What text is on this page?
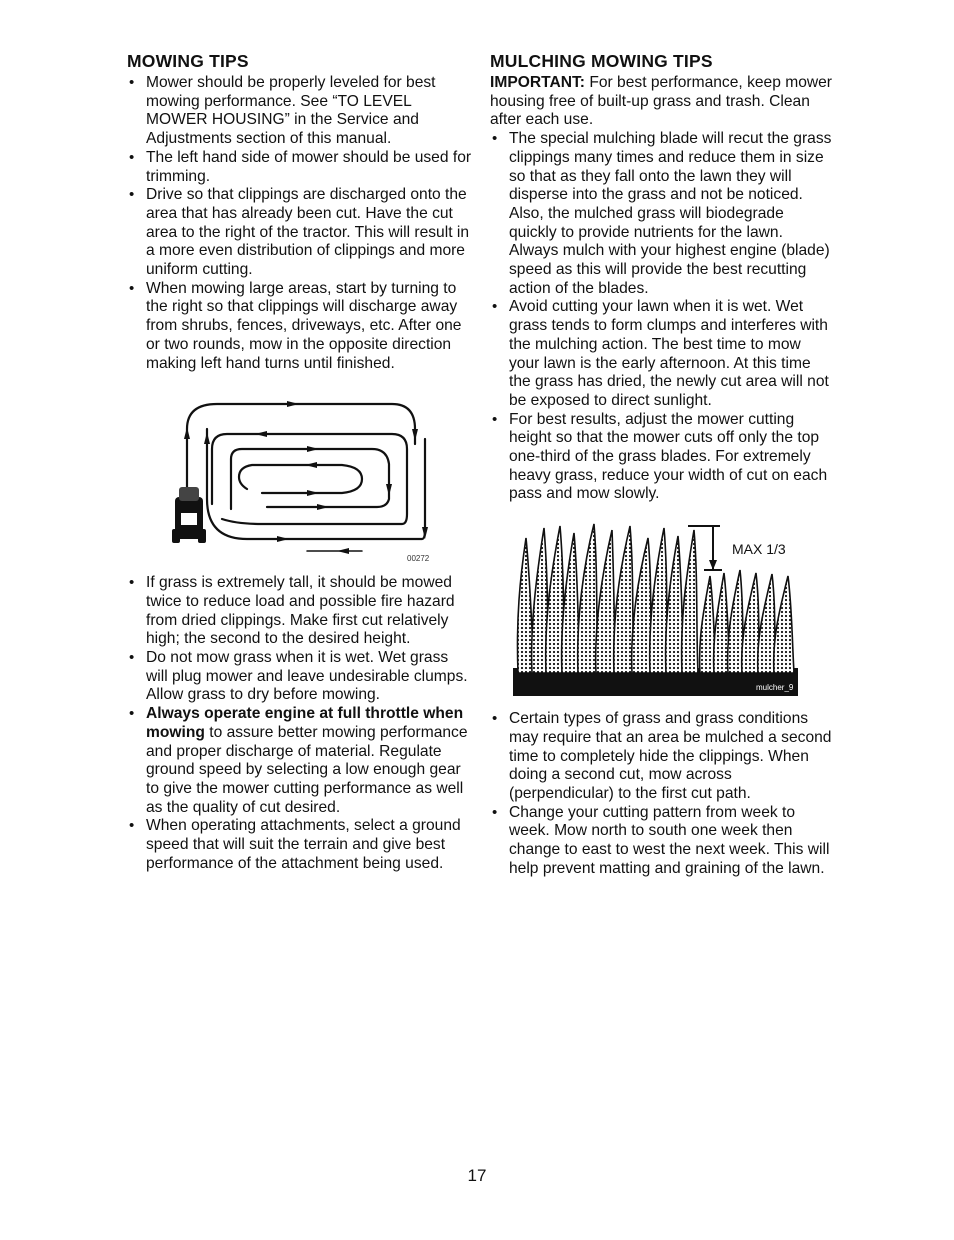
MOWING TIPS
• Mower should be properly leveled for best mowing performance. See “TO LEVEL MOWER HOUSING” in the Service and Adjustments section of this manual.
• The left hand side of mower should be used for trimming.
• Drive so that clippings are discharged onto the area that has already been cut. Have the cut area to the right of the tractor. This will result in a more even distribution of clippings and more uniform cutting.
• When mowing large areas, start by turning to the right so that clippings will discharge away from shrubs, fences, driveways, etc. After one or two rounds, mow in the opposite direction making left hand turns until finished.
00272
• If grass is extremely tall, it should be mowed twice to reduce load and possible fire hazard from dried clippings. Make first cut relatively high; the second to the desired height.
• Do not mow grass when it is wet. Wet grass will plug mower and leave undesirable clumps. Allow grass to dry before mowing.
• Always operate engine at full throttle when mowing to assure better mowing performance and proper discharge of material. Regulate ground speed by selecting a low enough gear to give the mower cutting performance as well as the quality of cut desired.
• When operating attachments, select a ground speed that will suit the terrain and give best performance of the attachment being used.
MULCHING MOWING TIPS

IMPORTANT: For best performance, keep mower housing free of built-up grass and trash. Clean after each use.

• The special mulching blade will recut the grass clippings many times and reduce them in size so that as they fall onto the lawn they will disperse into the grass and not be noticed. Also, the mulched grass will biodegrade quickly to provide nutrients for the lawn. Always mulch with your highest engine (blade) speed as this will provide the best recutting action of the blades.
• Avoid cutting your lawn when it is wet. Wet grass tends to form clumps and interferes with the mulching action. The best time to mow your lawn is the early afternoon. At this time the grass has dried, the newly cut area will not be exposed to direct sunlight.
• For best results, adjust the mower cutting height so that the mower cuts off only the top one-third of the grass blades. For extremely heavy grass, reduce your width of cut on each pass and mow slowly.
MAX 1/3
mulcher_9
• Certain types of grass and grass conditions may require that an area be mulched a second time to completely hide the clippings. When doing a second cut, mow across (perpendicular) to the first cut path.
• Change your cutting pattern from week to week. Mow north to south one week then change to east to west the next week. This will help prevent matting and graining of the lawn.
17
